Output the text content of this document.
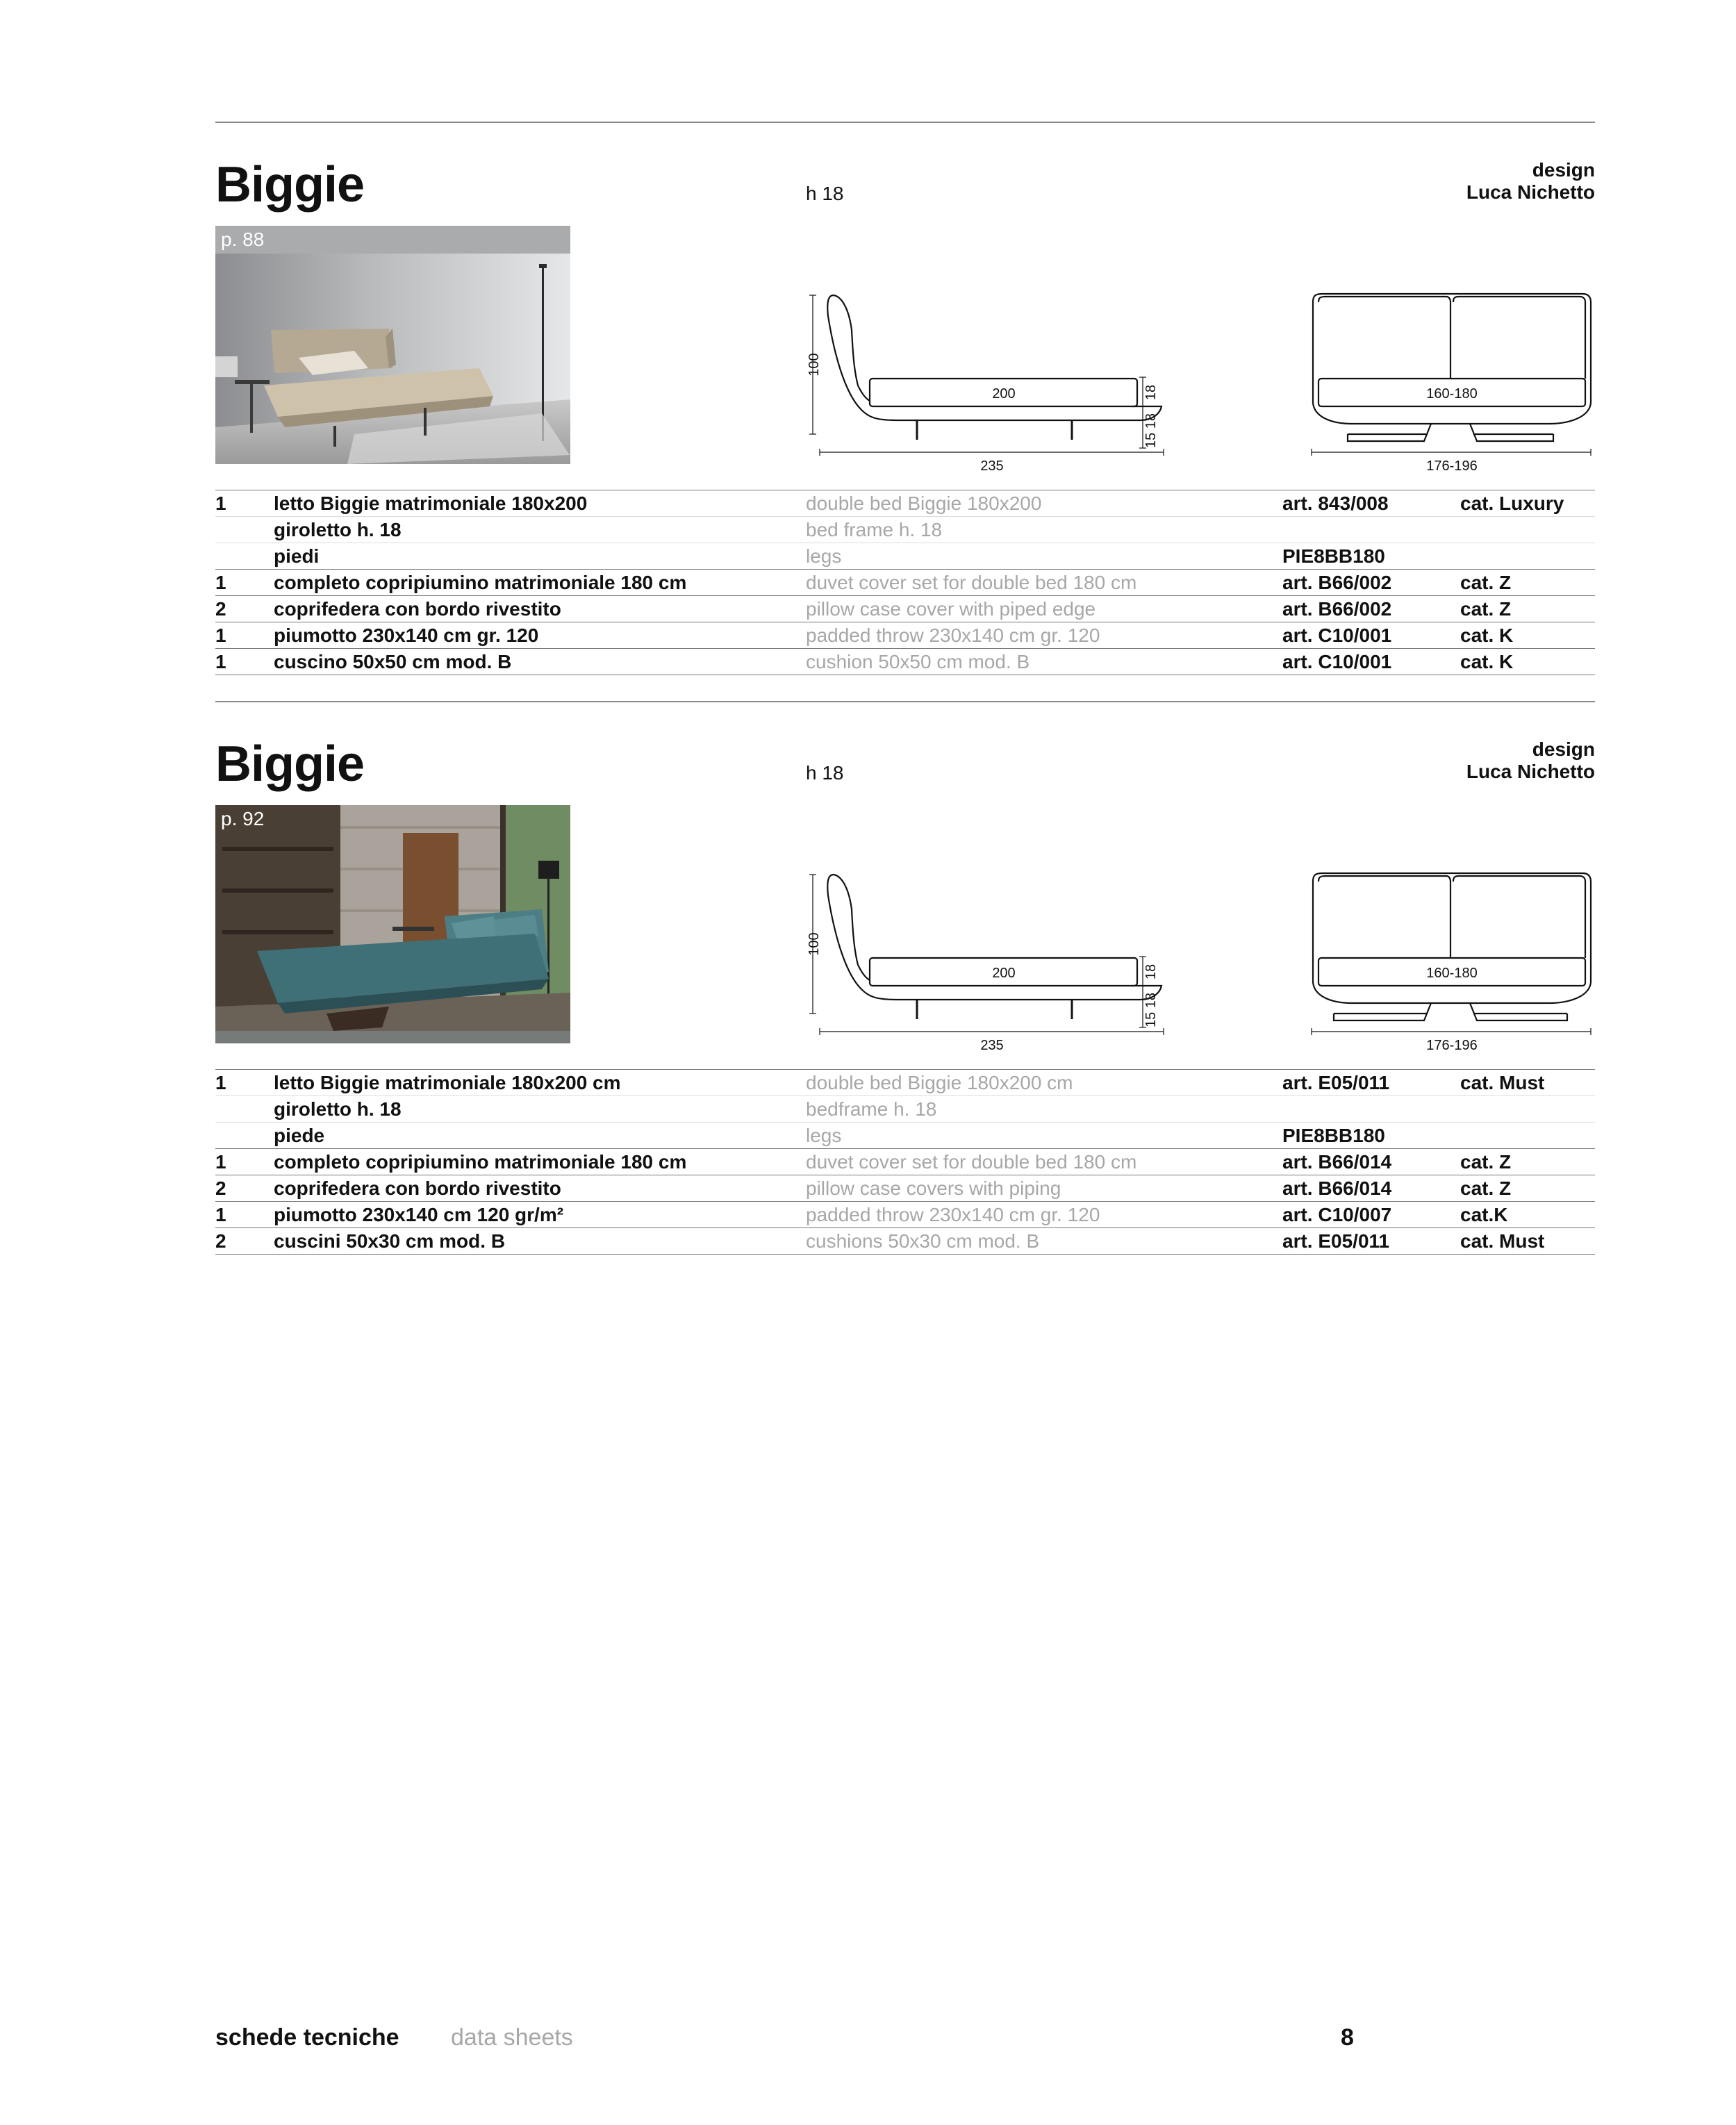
Biggie	h 18
design
Luca Nichetto
p. 88
100
200
235
18
15 18
160-180
176-196
1	letto Biggie matrimoniale 180x200	double bed Biggie 180x200	art. 843/008	cat. Luxury
	giroletto h. 18	bed frame h. 18		
	piedi	legs	PIE8BB180	
1	completo copripiumino matrimoniale 180 cm	duvet cover set for double bed 180 cm	art. B66/002	cat. Z
2	coprifedera con bordo rivestito	pillow case cover with piped edge	art. B66/002	cat. Z
1	piumotto 230x140 cm gr. 120	padded throw 230x140 cm gr. 120	art. C10/001	cat. K
1	cuscino 50x50 cm mod. B	cushion 50x50 cm mod. B	art. C10/001	cat. K
Biggie	h 18
design
Luca Nichetto
p. 92
100
200
235
18
15 18
160-180
176-196
1	letto Biggie matrimoniale 180x200 cm	double bed Biggie 180x200 cm	art. E05/011	cat. Must
	giroletto h. 18	bedframe h. 18		
	piede	legs	PIE8BB180	
1	completo copripiumino matrimoniale 180 cm	duvet cover set for double bed 180 cm	art. B66/014	cat. Z
2	coprifedera con bordo rivestito	pillow case covers with piping	art. B66/014	cat. Z
1	piumotto 230x140 cm 120 gr/m²	padded throw 230x140 cm gr. 120	art. C10/007	cat.K
2	cuscini 50x30 cm mod. B	cushions 50x30 cm mod. B	art. E05/011	cat. Must
schede tecniche data sheets	8
